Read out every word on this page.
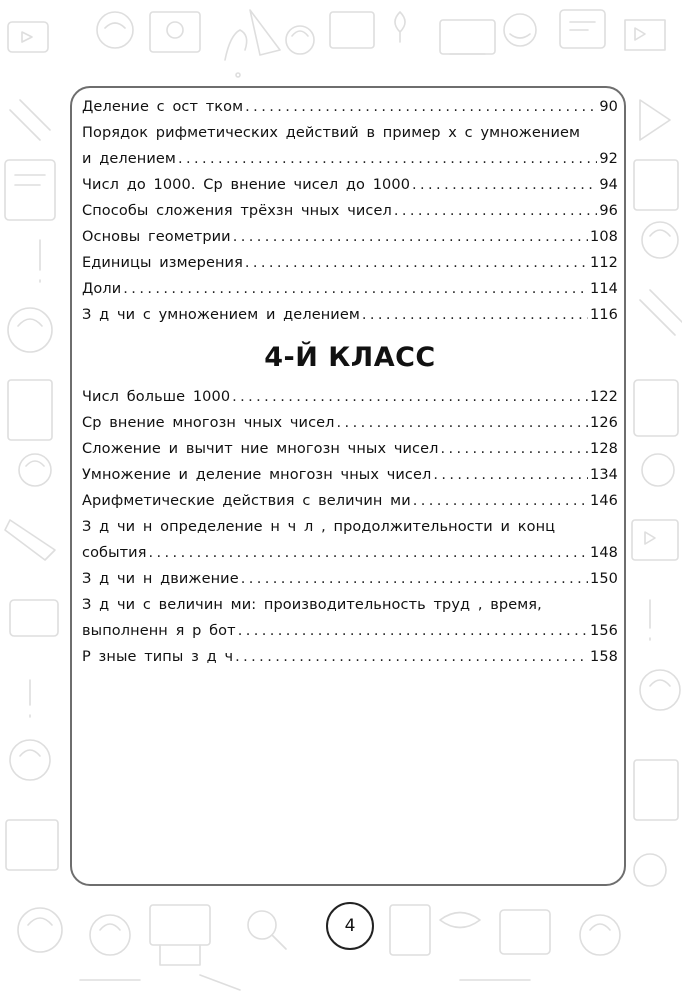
Деление с ост тком .....	90
Порядок рифметических действий в пример х с умножением
и делением .....	92
Числ до 1000. Ср внение чисел до 1000 .....	94
Способы сложения трёхзн чных чисел .....	96
Основы геометрии .....	108
Единицы измерения .....	112
Доли .....	114
З д чи с умножением и делением .....	116
4-Й КЛАСС
Числ больше 1000 .....	122
Ср внение многозн чных чисел .....	126
Сложение и вычит ние многозн чных чисел .....	128
Умножение и деление многозн чных чисел .....	134
Арифметические действия с величин ми .....	146
З д чи н определение н ч л , продолжительности и конц
события .....	148
З д чи н движение .....	150
З д чи с величин ми: производительность труд , время,
выполненн я р бот .....	156
Р зные типы з д ч .....	158
4
